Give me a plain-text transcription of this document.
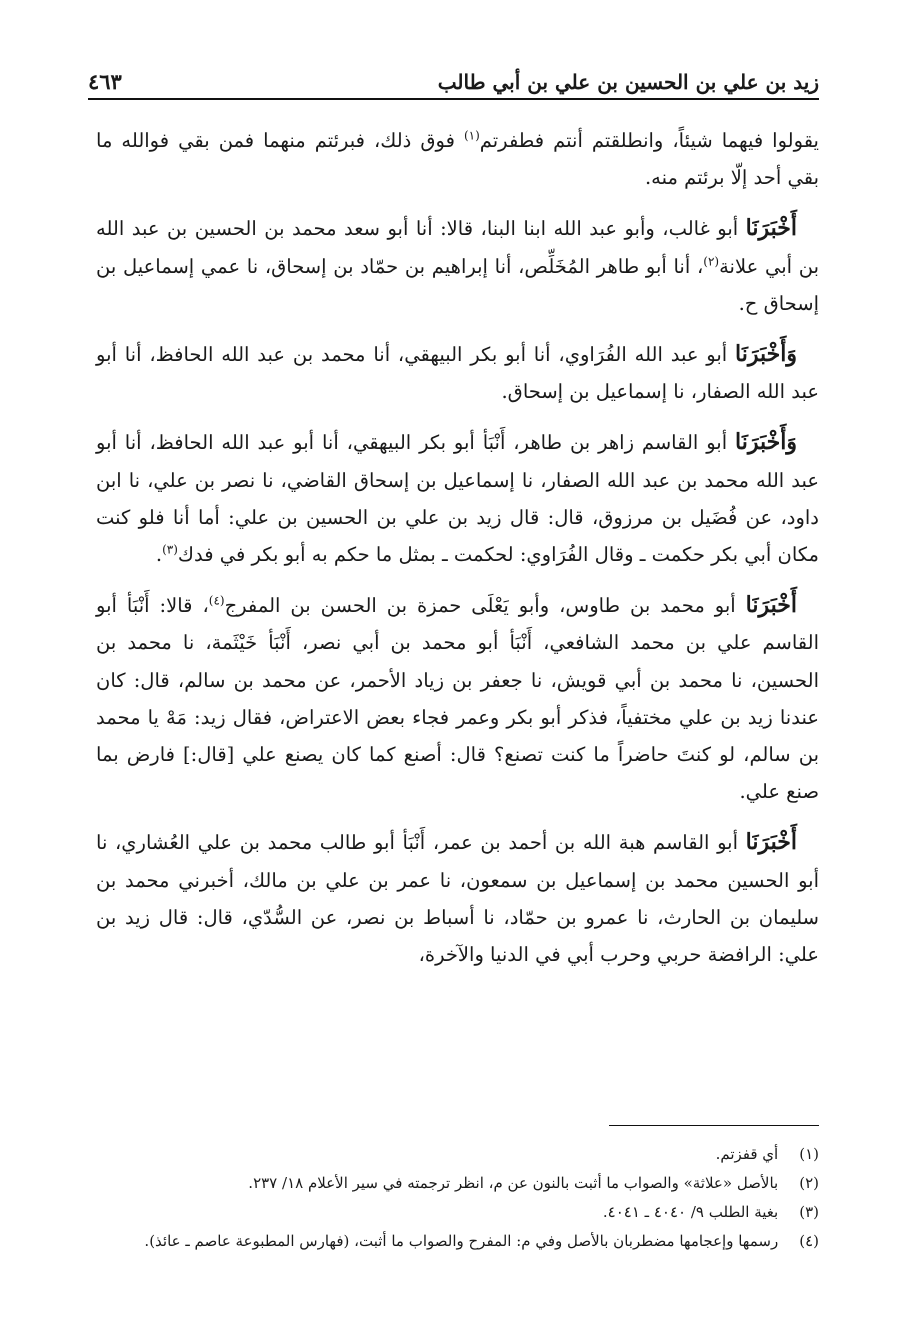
زيد بن علي بن الحسين بن علي بن أبي طالب
٤٦٣

يقولوا فيهما شيئاً، وانطلقتم أنتم فطفرتم$^{(١)}$ فوق ذلك، فبرئتم منهما فمن بقي فوالله ما بقي أحد إلّا برئتم منه.

أَخْبَرَنَا أبو غالب، وأبو عبد الله ابنا البنا، قالا: أنا أبو سعد محمد بن الحسين بن عبد الله بن أبي علانة$^{(٢)}$، أنا أبو طاهر المُخَلِّص، أنا إبراهيم بن حمّاد بن إسحاق، نا عمي إسماعيل بن إسحاق ح.

وَأَخْبَرَنَا أبو عبد الله الفُرَاوي، أنا أبو بكر البيهقي، أنا محمد بن عبد الله الحافظ، أنا أبو عبد الله الصفار، نا إسماعيل بن إسحاق.

وَأَخْبَرَنَا أبو القاسم زاهر بن طاهر، أَنْبَأ أبو بكر البيهقي، أنا أبو عبد الله الحافظ، أنا أبو عبد الله محمد بن عبد الله الصفار، نا إسماعيل بن إسحاق القاضي، نا نصر بن علي، نا ابن داود، عن فُضَيل بن مرزوق، قال: قال زيد بن علي بن الحسين بن علي: أما أنا فلو كنت مكان أبي بكر حكمت ـ وقال الفُرَاوي: لحكمت ـ بمثل ما حكم به أبو بكر في فدك$^{(٣)}$.

أَخْبَرَنَا أبو محمد بن طاوس، وأبو يَعْلَى حمزة بن الحسن بن المفرج$^{(٤)}$، قالا: أَنْبَأ أبو القاسم علي بن محمد الشافعي، أَنْبَأ أبو محمد بن أبي نصر، أَنْبَأ خَيْثَمة، نا محمد بن الحسين، نا محمد بن أبي قويش، نا جعفر بن زياد الأحمر، عن محمد بن سالم، قال: كان عندنا زيد بن علي مختفياً، فذكر أبو بكر وعمر فجاء بعض الاعتراض، فقال زيد: مَهْ يا محمد بن سالم، لو كنتَ حاضراً ما كنت تصنع؟ قال: أصنع كما كان يصنع علي [قال:] فارض بما صنع علي.

أَخْبَرَنَا أبو القاسم هبة الله بن أحمد بن عمر، أَنْبَأ أبو طالب محمد بن علي العُشاري، نا أبو الحسين محمد بن إسماعيل بن سمعون، نا عمر بن علي بن مالك، أخبرني محمد بن سليمان بن الحارث، نا عمرو بن حمّاد، نا أسباط بن نصر، عن السُّدّي، قال: قال زيد بن علي: الرافضة حربي وحرب أبي في الدنيا والآخرة،

(١) أي قفزتم.
(٢) بالأصل «علاثة» والصواب ما أثبت بالنون عن م، انظر ترجمته في سير الأعلام ١٨/ ٢٣٧.
(٣) بغية الطلب ٩/ ٤٠٤٠ ـ ٤٠٤١.
(٤) رسمها وإعجامها مضطربان بالأصل وفي م: المفرح والصواب ما أثبت، (فهارس المطبوعة عاصم ـ عائذ).
